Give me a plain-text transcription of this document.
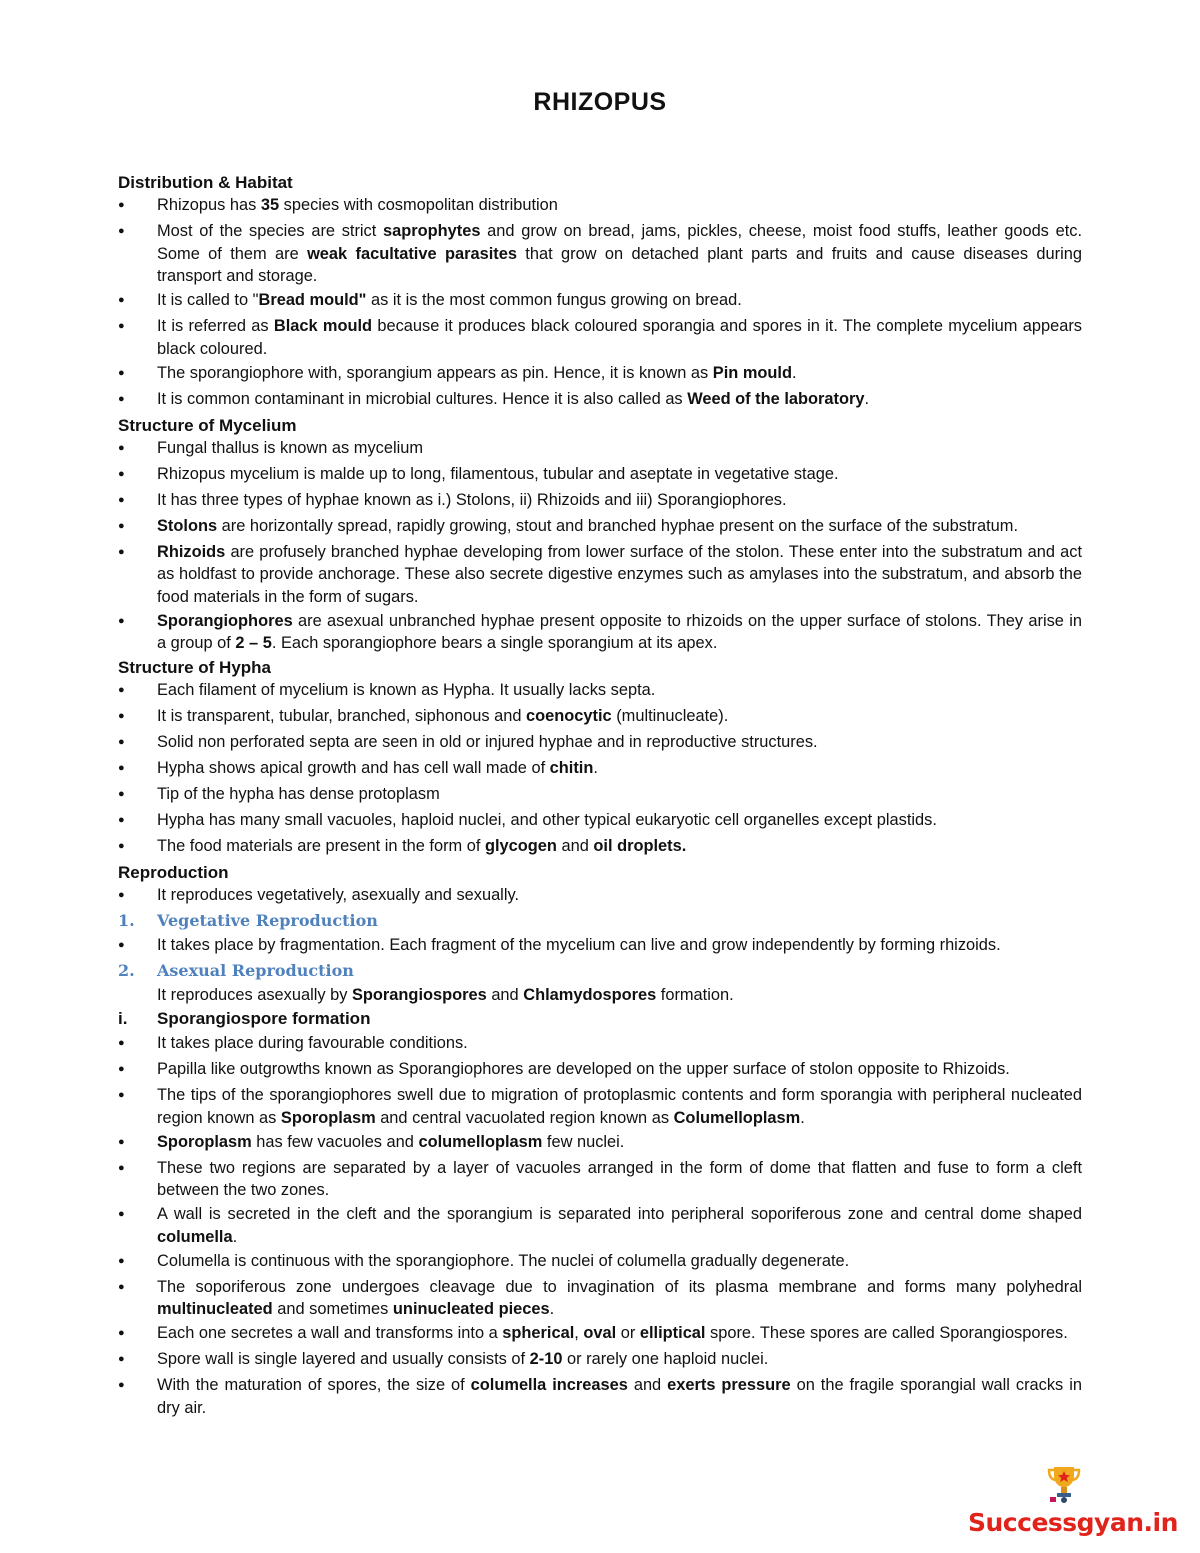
RHIZOPUS
Distribution & Habitat
●
Rhizopus has 35 species with cosmopolitan distribution
●
Most of the species are strict saprophytes and grow on bread, jams, pickles, cheese, moist food stuffs, leather goods etc. Some of them are weak facultative parasites that grow on detached plant parts and fruits and cause diseases during transport and storage.
●
It is called to "Bread mould" as it is the most common fungus growing on bread.
●
It is referred as Black mould because it produces black coloured sporangia and spores in it. The complete mycelium appears black coloured.
●
The sporangiophore with, sporangium appears as pin. Hence, it is known as Pin mould.
●
It is common contaminant in microbial cultures. Hence it is also called as Weed of the laboratory.
Structure of Mycelium
●
Fungal thallus is known as mycelium
●
Rhizopus mycelium is malde up to long, filamentous, tubular and aseptate in vegetative stage.
●
It has three types of hyphae known as i.) Stolons, ii) Rhizoids and iii) Sporangiophores.
●
Stolons are horizontally spread, rapidly growing, stout and branched hyphae present on the surface of the substratum.
●
Rhizoids are profusely branched hyphae developing from lower surface of the stolon. These enter into the substratum and act as holdfast to provide anchorage. These also secrete digestive enzymes such as amylases into the substratum, and absorb the food materials in the form of sugars.
●
Sporangiophores are asexual unbranched hyphae present opposite to rhizoids on the upper surface of stolons. They arise in a group of 2 – 5. Each sporangiophore bears a single sporangium at its apex.
Structure of Hypha
●
Each filament of mycelium is known as Hypha. It usually lacks septa.
●
It is transparent, tubular, branched, siphonous and coenocytic (multinucleate).
●
Solid non perforated septa are seen in old or injured hyphae and in reproductive structures.
●
Hypha shows apical growth and has cell wall made of chitin.
●
Tip of the hypha has dense protoplasm
●
Hypha has many small vacuoles, haploid nuclei, and other typical eukaryotic cell organelles except plastids.
●
The food materials are present in the form of glycogen and oil droplets.
Reproduction
●
It reproduces vegetatively, asexually and sexually.
1.	Vegetative Reproduction
●
It takes place by fragmentation. Each fragment of the mycelium can live and grow independently by forming rhizoids.
2.	Asexual Reproduction
It reproduces asexually by Sporangiospores and Chlamydospores formation.
i.	Sporangiospore formation
●
It takes place during favourable conditions.
●
Papilla like outgrowths known as Sporangiophores are developed on the upper surface of stolon opposite to Rhizoids.
●
The tips of the sporangiophores swell due to migration of protoplasmic contents and form sporangia with peripheral nucleated region known as Sporoplasm and central vacuolated region known as Columelloplasm.
●
Sporoplasm has few vacuoles and columelloplasm few nuclei.
●
These two regions are separated by a layer of vacuoles arranged in the form of dome that flatten and fuse to form a cleft between the two zones.
●
A wall is secreted in the cleft and the sporangium is separated into peripheral soporiferous zone and central dome shaped columella.
●
Columella is continuous with the sporangiophore. The nuclei of columella gradually degenerate.
●
The soporiferous zone undergoes cleavage due to invagination of its plasma membrane and forms many polyhedral multinucleated and sometimes uninucleated pieces.
●
Each one secretes a wall and transforms into a spherical, oval or elliptical spore. These spores are called Sporangiospores.
●
Spore wall is single layered and usually consists of 2-10 or rarely one haploid nuclei.
●
With the maturation of spores, the size of columella increases and exerts pressure on the fragile sporangial wall cracks in dry air.
Successgyan.in
